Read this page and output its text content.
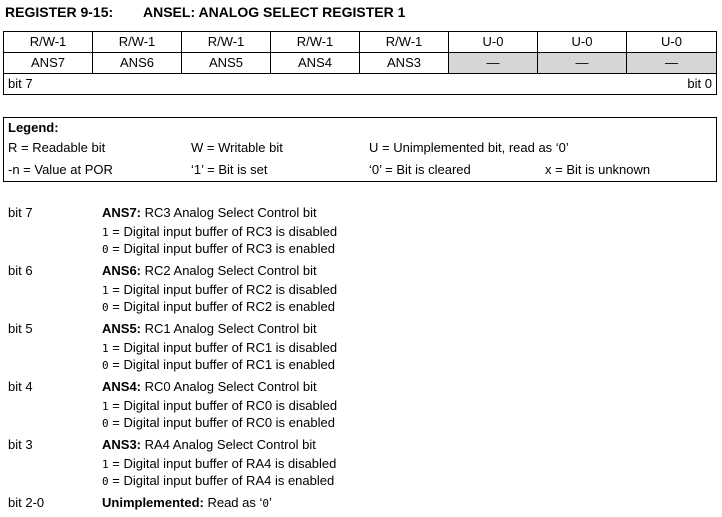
REGISTER 9-15: ANSEL: ANALOG SELECT REGISTER 1
R/W-1	R/W-1	R/W-1	R/W-1	R/W-1	U-0	U-0	U-0
ANS7	ANS6	ANS5	ANS4	ANS3	—	—	—
bit 7	bit 0
Legend:
R = Readable bit	W = Writable bit	U = Unimplemented bit, read as ‘0’
-n = Value at POR	‘1’ = Bit is set	‘0’ = Bit is cleared	x = Bit is unknown
bit 7	ANS7: RC3 Analog Select Control bit
1 = Digital input buffer of RC3 is disabled
0 = Digital input buffer of RC3 is enabled
bit 6	ANS6: RC2 Analog Select Control bit
1 = Digital input buffer of RC2 is disabled
0 = Digital input buffer of RC2 is enabled
bit 5	ANS5: RC1 Analog Select Control bit
1 = Digital input buffer of RC1 is disabled
0 = Digital input buffer of RC1 is enabled
bit 4	ANS4: RC0 Analog Select Control bit
1 = Digital input buffer of RC0 is disabled
0 = Digital input buffer of RC0 is enabled
bit 3	ANS3: RA4 Analog Select Control bit
1 = Digital input buffer of RA4 is disabled
0 = Digital input buffer of RA4 is enabled
bit 2-0	Unimplemented: Read as ‘0’
